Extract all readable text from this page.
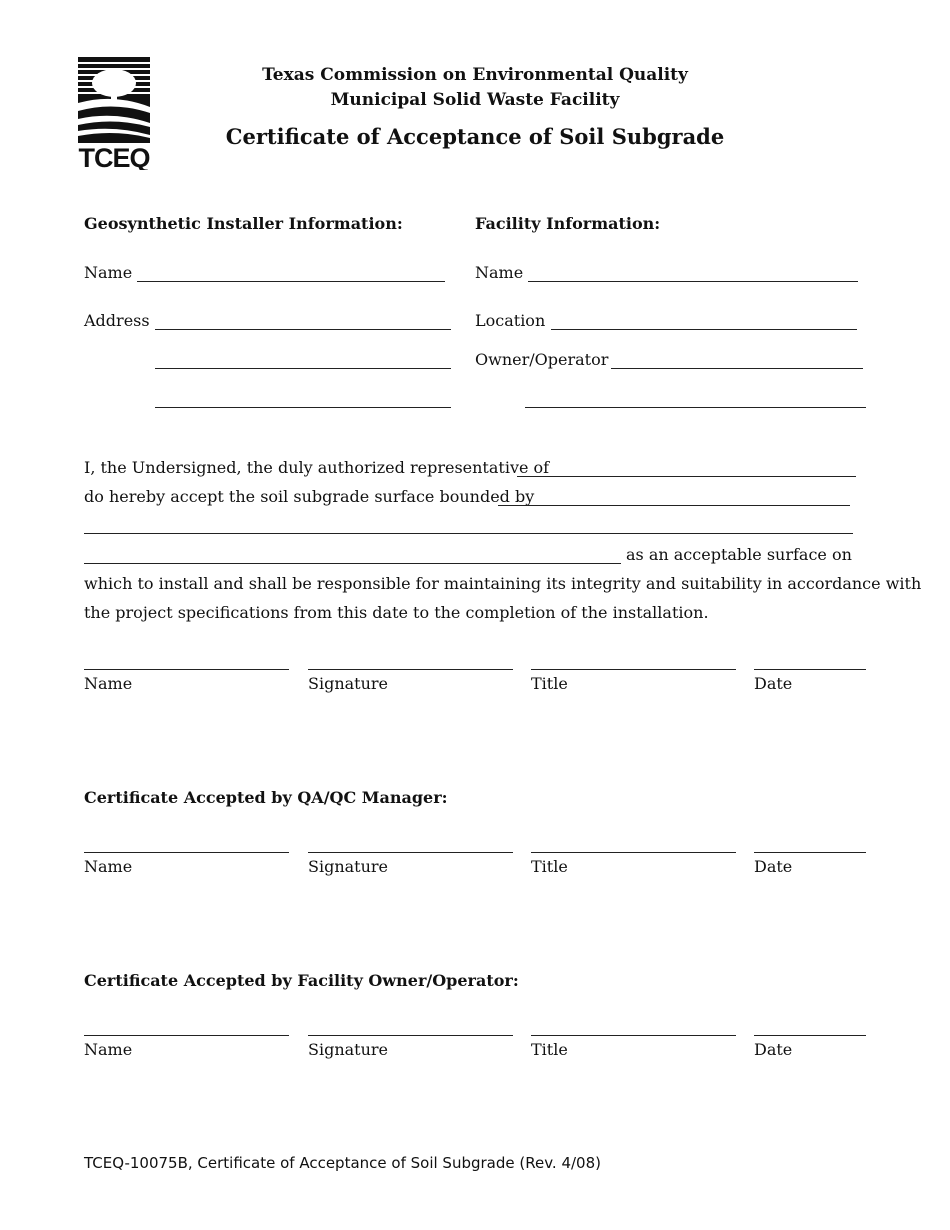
TCEQ
Texas Commission on Environmental Quality
Municipal Solid Waste Facility
Certificate of Acceptance of Soil Subgrade
Geosynthetic Installer Information:
Name
Address
Facility Information:
Name
Location
Owner/Operator
I, the Undersigned, the duly authorized representative of
do hereby accept the soil subgrade surface bounded by
as an acceptable surface on
which to install and shall be responsible for maintaining its integrity and suitability in accordance with
the project specifications from this date to the completion of the installation.
Name	Signature	Title	Date
Certificate Accepted by QA/QC Manager:
Name	Signature	Title	Date
Certificate Accepted by Facility Owner/Operator:
Name	Signature	Title	Date
TCEQ-10075B, Certificate of Acceptance of Soil Subgrade (Rev. 4/08)
